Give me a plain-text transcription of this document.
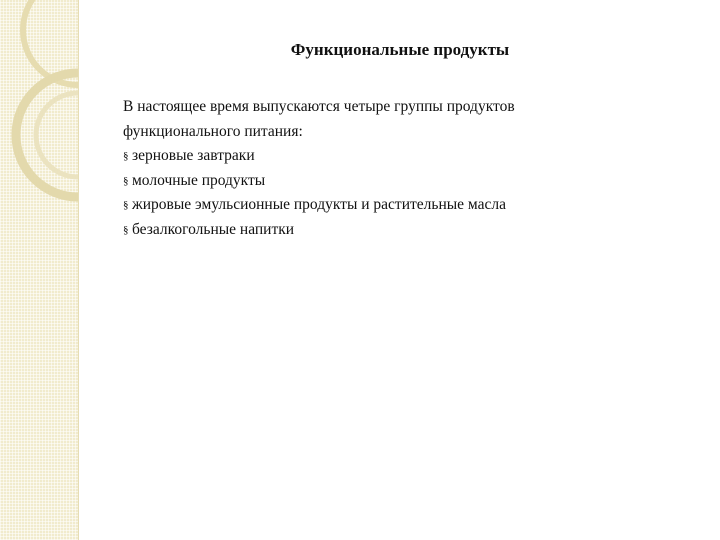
Функциональные продукты

В настоящее время выпускаются четыре группы продуктов

функционального питания:

§ зерновые завтраки
§ молочные продукты
§ жировые эмульсионные продукты и растительные масла
§ безалкогольные напитки
